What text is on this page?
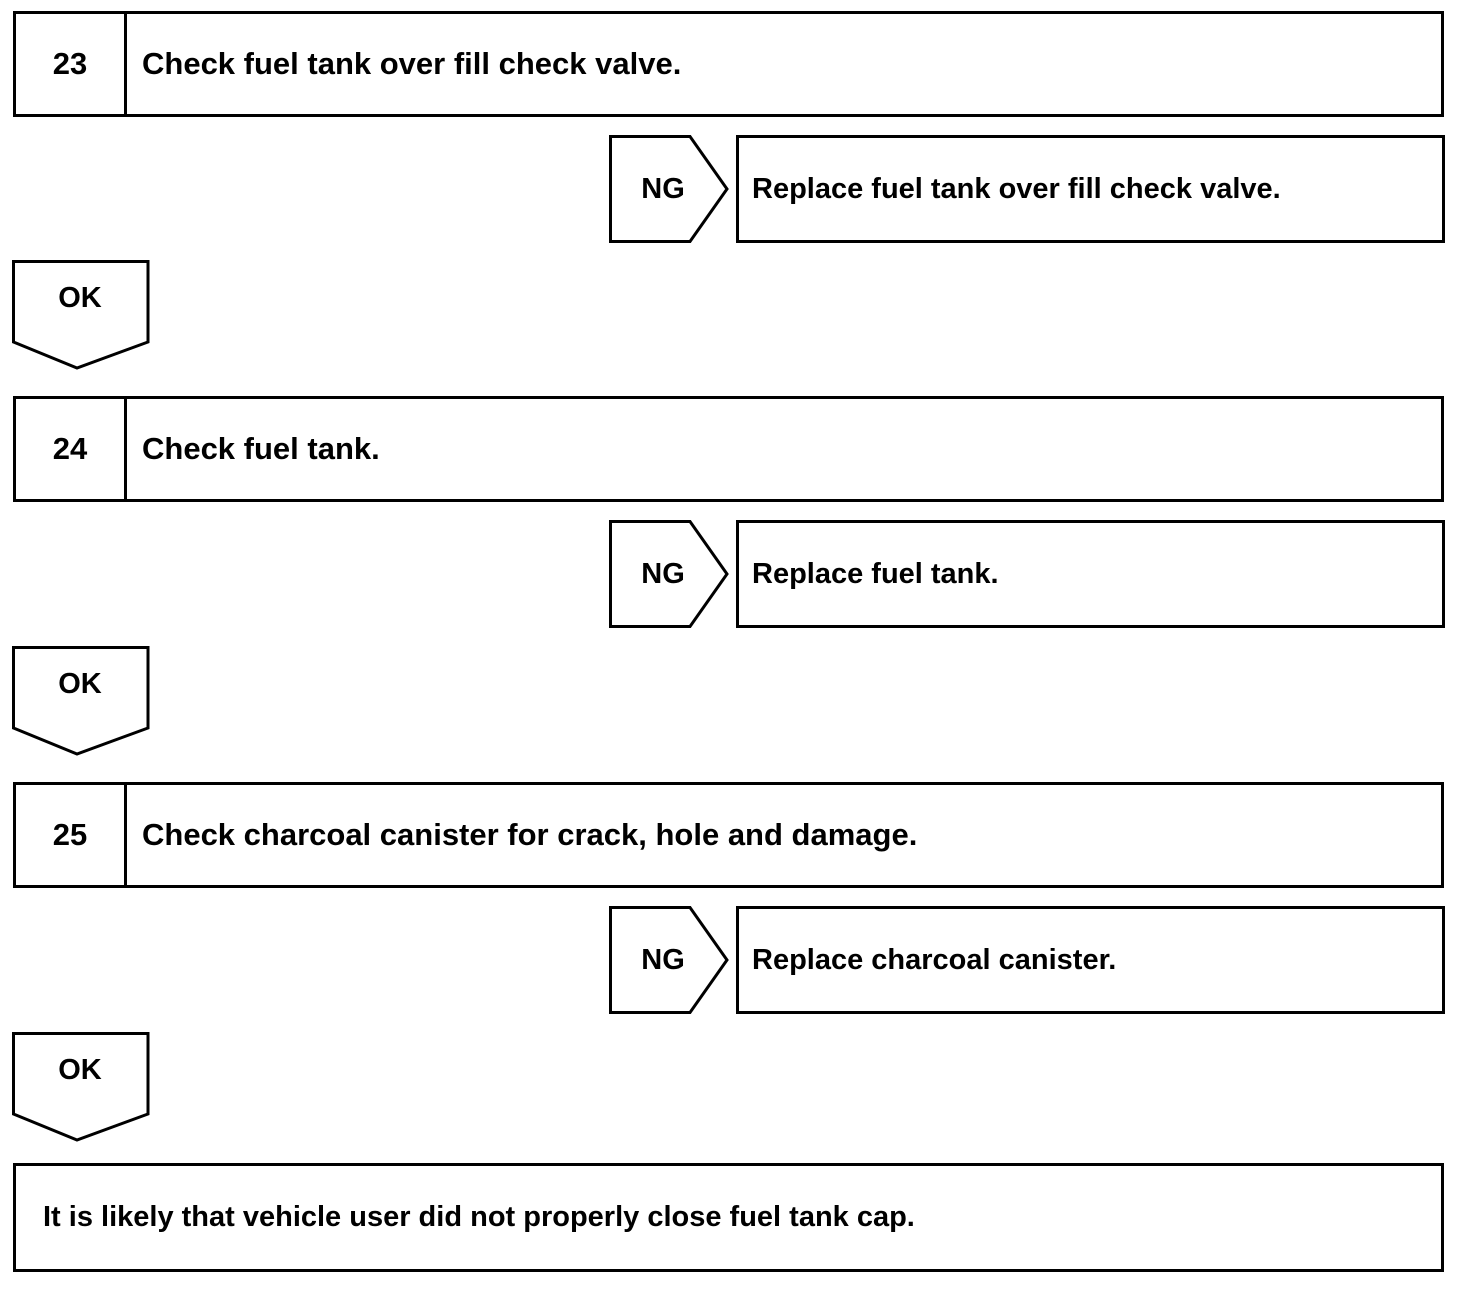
23	Check fuel tank over fill check valve.
NG	Replace fuel tank over fill check valve.
OK
24	Check fuel tank.
NG	Replace fuel tank.
OK
25	Check charcoal canister for crack, hole and damage.
NG	Replace charcoal canister.
OK
It is likely that vehicle user did not properly close fuel tank cap.
